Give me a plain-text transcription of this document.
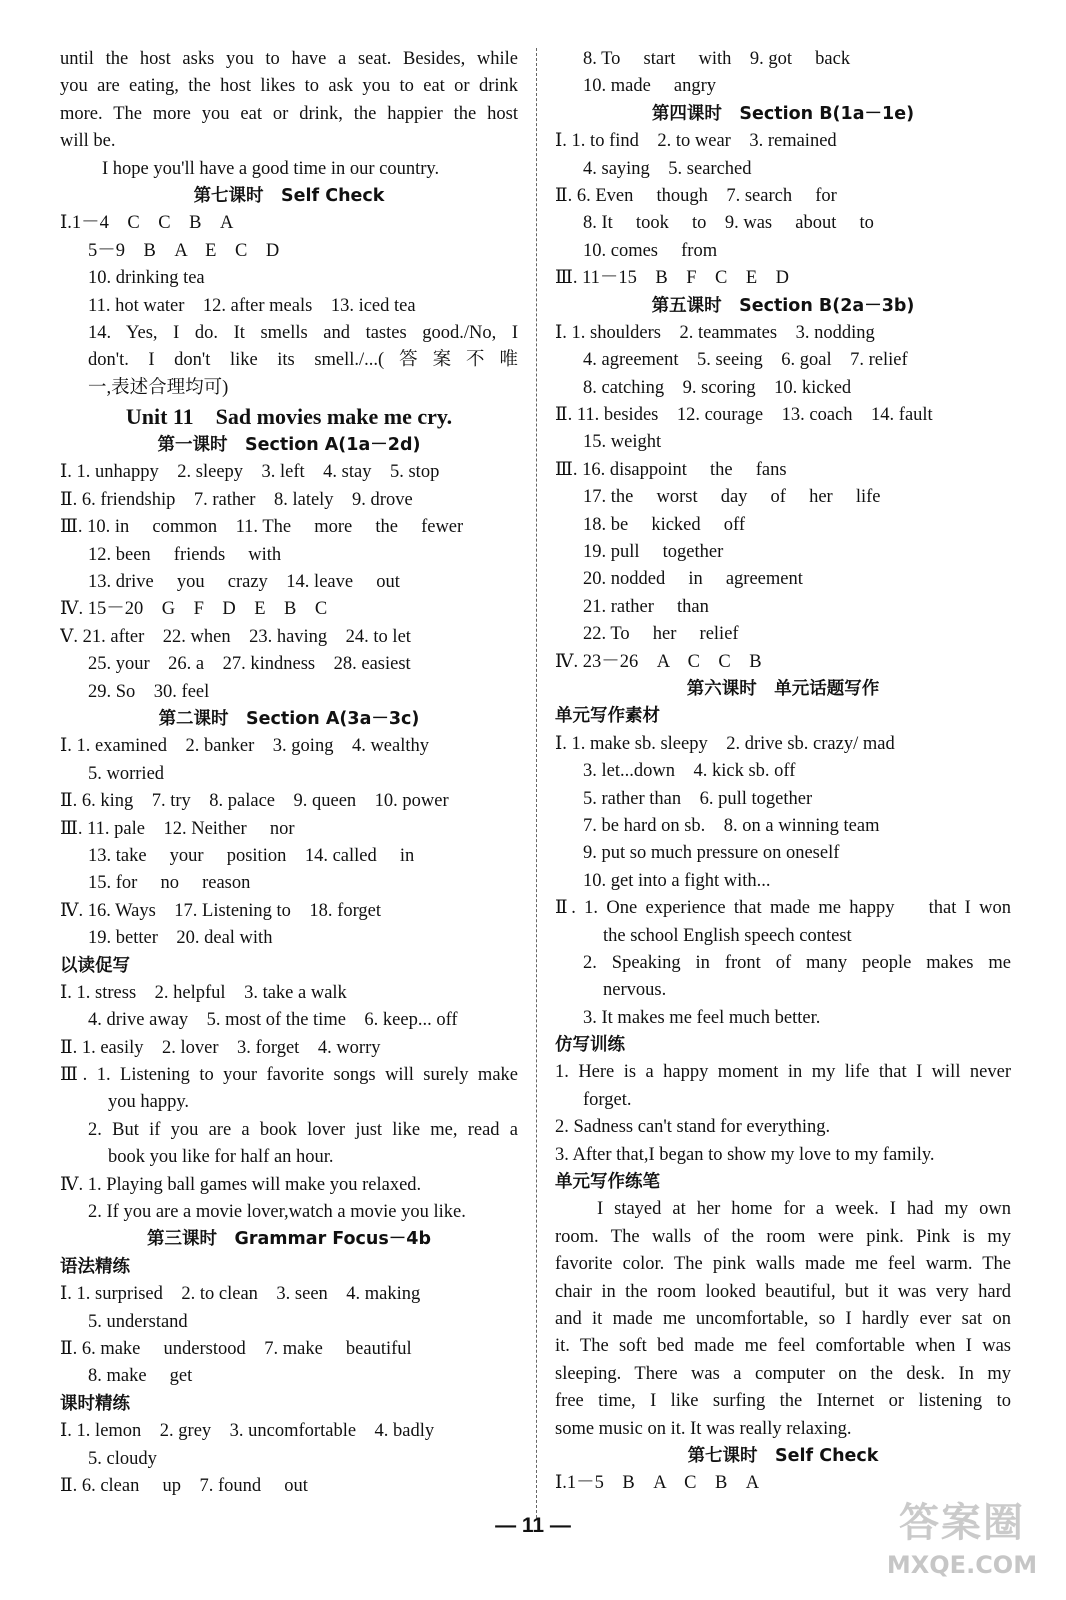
until the host asks you to have a seat. Besides, while
you are eating, the host likes to ask you to eat or drink
more. The more you eat or drink, the happier the host
will be.
I hope you'll have a good time in our country.
第七课时　Self Check
Ⅰ.1－4　C　C　B　A
5－9　B　A　E　C　D
10. drinking tea
11. hot water　12. after meals　13. iced tea
14. Yes, I do. It smells and tastes good./No, I
don't. I don't like its smell./...(答案不唯
一,表述合理均可)
Unit 11　Sad movies make me cry.
第一课时　Section A(1a－2d)
Ⅰ. 1. unhappy　2. sleepy　3. left　4. stay　5. stop
Ⅱ. 6. friendship　7. rather　8. lately　9. drove
Ⅲ. 10. in　 common　11. The　 more　 the　 fewer
12. been　 friends　 with
13. drive　 you　 crazy　14. leave　 out
Ⅳ. 15－20　G　F　D　E　B　C
Ⅴ. 21. after　22. when　23. having　24. to let
25. your　26. a　27. kindness　28. easiest
29. So　30. feel
第二课时　Section A(3a－3c)
Ⅰ. 1. examined　2. banker　3. going　4. wealthy
5. worried
Ⅱ. 6. king　7. try　8. palace　9. queen　10. power
Ⅲ. 11. pale　12. Neither　 nor
13. take　 your　 position　14. called　 in
15. for　 no　 reason
Ⅳ. 16. Ways　17. Listening to　18. forget
19. better　20. deal with
以读促写
Ⅰ. 1. stress　2. helpful　3. take a walk
4. drive away　5. most of the time　6. keep... off
Ⅱ. 1. easily　2. lover　3. forget　4. worry
Ⅲ. 1. Listening to your favorite songs will surely make
you happy.
2. But if you are a book lover just like me, read a
book you like for half an hour.
Ⅳ. 1. Playing ball games will make you relaxed.
2. If you are a movie lover,watch a movie you like.
第三课时　Grammar Focus－4b
语法精练
Ⅰ. 1. surprised　2. to clean　3. seen　4. making
5. understand
Ⅱ. 6. make　 understood　7. make　 beautiful
8. make　 get
课时精练
Ⅰ. 1. lemon　2. grey　3. uncomfortable　4. badly
5. cloudy
Ⅱ. 6. clean　 up　7. found　 out
8. To　 start　 with　9. got　 back
10. made　 angry
第四课时　Section B(1a－1e)
Ⅰ. 1. to find　2. to wear　3. remained
4. saying　5. searched
Ⅱ. 6. Even　 though　7. search　 for
8. It　 took　 to　9. was　 about　 to
10. comes　 from
Ⅲ. 11－15　B　F　C　E　D
第五课时　Section B(2a－3b)
Ⅰ. 1. shoulders　2. teammates　3. nodding
4. agreement　5. seeing　6. goal　7. relief
8. catching　9. scoring　10. kicked
Ⅱ. 11. besides　12. courage　13. coach　14. fault
15. weight
Ⅲ. 16. disappoint　 the　 fans
17. the　 worst　 day　 of　 her　 life
18. be　 kicked　 off
19. pull　 together
20. nodded　 in　 agreement
21. rather　 than
22. To　 her　 relief
Ⅳ. 23－26　A　C　C　B
第六课时　单元话题写作
单元写作素材
Ⅰ. 1. make sb. sleepy　2. drive sb. crazy/ mad
3. let...down　4. kick sb. off
5. rather than　6. pull together
7. be hard on sb.　8. on a winning team
9. put so much pressure on oneself
10. get into a fight with...
Ⅱ. 1. One experience that made me happy　 that I won
the school English speech contest
2. Speaking in front of many people makes me
nervous.
3. It makes me feel much better.
仿写训练
1. Here is a happy moment in my life that I will never
forget.
2. Sadness can't stand for everything.
3. After that,I began to show my love to my family.
单元写作练笔
I stayed at her home for a week. I had my own
room. The walls of the room were pink. Pink is my
favorite color. The pink walls made me feel warm. The
chair in the room looked beautiful, but it was very hard
and it made me uncomfortable, so I hardly ever sat on
it. The soft bed made me feel comfortable when I was
sleeping. There was a computer on the desk. In my
free time, I like surfing the Internet or listening to
some music on it. It was really relaxing.
第七课时　Self Check
Ⅰ.1－5　B　A　C　B　A
— 11 —	答案圈
MXQE.COM
